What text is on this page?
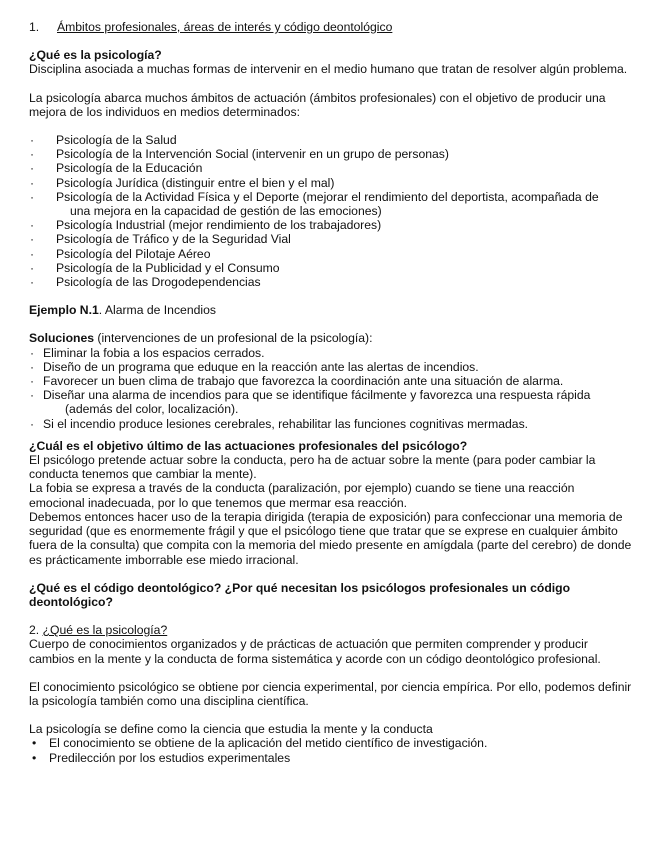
1.	Ámbitos profesionales, áreas de interés y código deontológico

¿Qué es la psicología?

Disciplina asociada a muchas formas de intervenir en el medio humano que tratan de resolver algún problema.

La psicología abarca muchos ámbitos de actuación (ámbitos profesionales) con el objetivo de producir una mejora de los individuos en medios determinados:

· Psicología de la Salud
· Psicología de la Intervención Social (intervenir en un grupo de personas)
· Psicología de la Educación
· Psicología Jurídica (distinguir entre el bien y el mal)
· Psicología de la Actividad Física y el Deporte (mejorar el rendimiento del deportista, acompañada de
una mejora en la capacidad de gestión de las emociones)
· Psicología Industrial (mejor rendimiento de los trabajadores)
· Psicología de Tráfico y de la Seguridad Vial
· Psicología del Pilotaje Aéreo
· Psicología de la Publicidad y el Consumo
· Psicología de las Drogodependencias

Ejemplo N.1. Alarma de Incendios

Soluciones (intervenciones de un profesional de la psicología):

· Eliminar la fobia a los espacios cerrados.
· Diseño de un programa que eduque en la reacción ante las alertas de incendios.
· Favorecer un buen clima de trabajo que favorezca la coordinación ante una situación de alarma.
· Diseñar una alarma de incendios para que se identifique fácilmente y favorezca una respuesta rápida
(además del color, localización).
· Si el incendio produce lesiones cerebrales, rehabilitar las funciones cognitivas mermadas.

¿Cuál es el objetivo último de las actuaciones profesionales del psicólogo?

El psicólogo pretende actuar sobre la conducta, pero ha de actuar sobre la mente (para poder cambiar la conducta tenemos que cambiar la mente).

La fobia se expresa a través de la conducta (paralización, por ejemplo) cuando se tiene una reacción emocional inadecuada, por lo que tenemos que mermar esa reacción.

Debemos entonces hacer uso de la terapia dirigida (terapia de exposición) para confeccionar una memoria de seguridad (que es enormemente frágil y que el psicólogo tiene que tratar que se exprese en cualquier ámbito fuera de la consulta) que compita con la memoria del miedo presente en amígdala (parte del cerebro) de donde es prácticamente imborrable ese miedo irracional.

¿Qué es el código deontológico? ¿Por qué necesitan los psicólogos profesionales un código deontológico?

2. ¿Qué es la psicología?

Cuerpo de conocimientos organizados y de prácticas de actuación que permiten comprender y producir cambios en la mente y la conducta de forma sistemática y acorde con un código deontológico profesional.

El conocimiento psicológico se obtiene por ciencia experimental, por ciencia empírica. Por ello, podemos definir la psicología también como una disciplina científica.

La psicología se define como la ciencia que estudia la mente y la conducta

• El conocimiento se obtiene de la aplicación del metido científico de investigación.
• Predilección por los estudios experimentales
